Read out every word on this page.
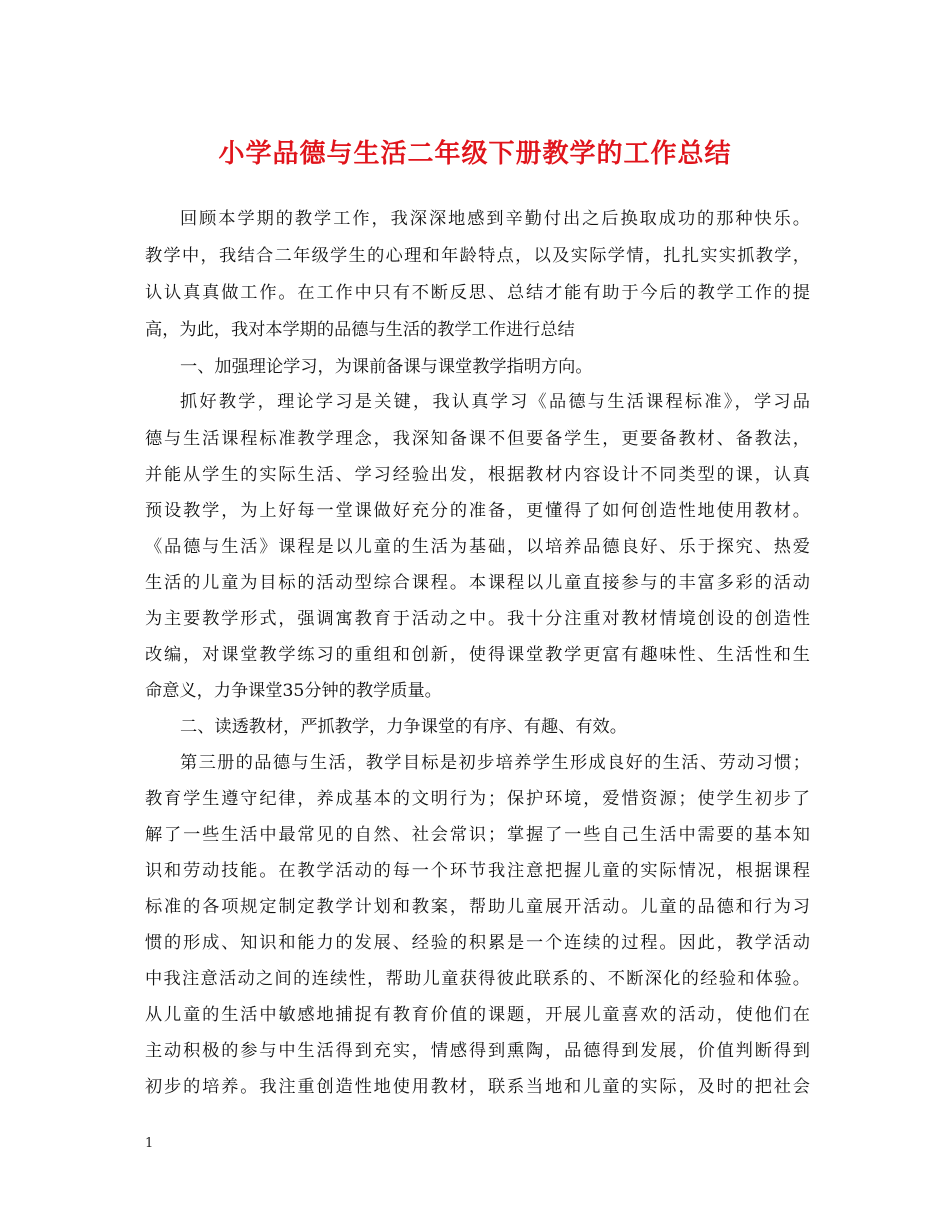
小学品德与生活二年级下册教学的工作总结
回顾本学期的教学工作，我深深地感到辛勤付出之后换取成功的那种快乐。
教学中，我结合二年级学生的心理和年龄特点，以及实际学情，扎扎实实抓教学，
认认真真做工作。在工作中只有不断反思、总结才能有助于今后的教学工作的提
高，为此，我对本学期的品德与生活的教学工作进行总结
一、加强理论学习，为课前备课与课堂教学指明方向。
抓好教学，理论学习是关键，我认真学习《品德与生活课程标准》，学习品
德与生活课程标准教学理念，我深知备课不但要备学生，更要备教材、备教法，
并能从学生的实际生活、学习经验出发，根据教材内容设计不同类型的课，认真
预设教学，为上好每一堂课做好充分的准备，更懂得了如何创造性地使用教材。
《品德与生活》课程是以儿童的生活为基础，以培养品德良好、乐于探究、热爱
生活的儿童为目标的活动型综合课程。本课程以儿童直接参与的丰富多彩的活动
为主要教学形式，强调寓教育于活动之中。我十分注重对教材情境创设的创造性
改编，对课堂教学练习的重组和创新，使得课堂教学更富有趣味性、生活性和生
命意义，力争课堂35分钟的教学质量。
二、读透教材，严抓教学，力争课堂的有序、有趣、有效。
第三册的品德与生活，教学目标是初步培养学生形成良好的生活、劳动习惯；
教育学生遵守纪律，养成基本的文明行为；保护环境，爱惜资源；使学生初步了
解了一些生活中最常见的自然、社会常识；掌握了一些自己生活中需要的基本知
识和劳动技能。在教学活动的每一个环节我注意把握儿童的实际情况，根据课程
标准的各项规定制定教学计划和教案，帮助儿童展开活动。儿童的品德和行为习
惯的形成、知识和能力的发展、经验的积累是一个连续的过程。因此，教学活动
中我注意活动之间的连续性，帮助儿童获得彼此联系的、不断深化的经验和体验。
从儿童的生活中敏感地捕捉有教育价值的课题，开展儿童喜欢的活动，使他们在
主动积极的参与中生活得到充实，情感得到熏陶，品德得到发展，价值判断得到
初步的培养。我注重创造性地使用教材，联系当地和儿童的实际，及时的把社会
1
